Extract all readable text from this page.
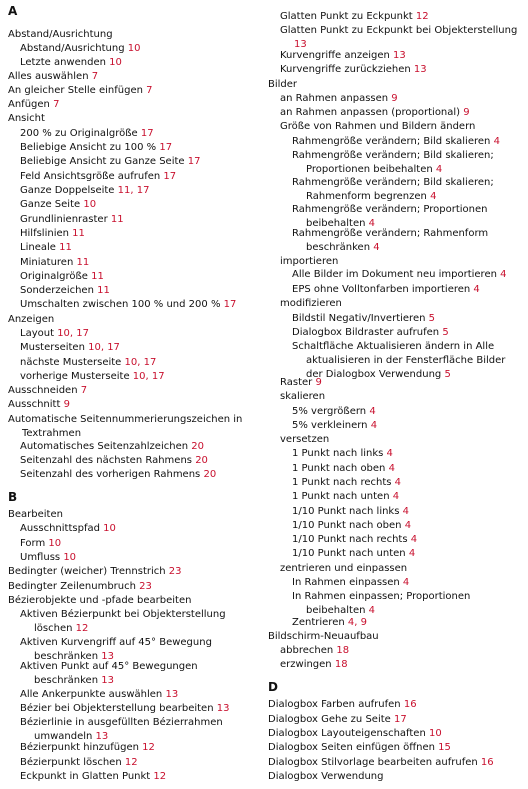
A
Abstand/Ausrichtung
Abstand/Ausrichtung 10
Letzte anwenden 10
Alles auswählen 7
An gleicher Stelle einfügen 7
Anfügen 7
Ansicht
200 % zu Originalgröße 17
Beliebige Ansicht zu 100 % 17
Beliebige Ansicht zu Ganze Seite 17
Feld Ansichtsgröße aufrufen 17
Ganze Doppelseite 11, 17
Ganze Seite 10
Grundlinienraster 11
Hilfslinien 11
Lineale 11
Miniaturen 11
Originalgröße 11
Sonderzeichen 11
Umschalten zwischen 100 % und 200 % 17
Anzeigen
Layout 10, 17
Musterseiten 10, 17
nächste Musterseite 10, 17
vorherige Musterseite 10, 17
Ausschneiden 7
Ausschnitt 9
Automatische Seitennummerierungszeichen in Textrahmen
Automatisches Seitenzahlzeichen 20
Seitenzahl des nächsten Rahmens 20
Seitenzahl des vorherigen Rahmens 20
B
Bearbeiten
Ausschnittspfad 10
Form 10
Umfluss 10
Bedingter (weicher) Trennstrich 23
Bedingter Zeilenumbruch 23
Bézierobjekte und -pfade bearbeiten
Aktiven Bézierpunkt bei Objekterstellung löschen 12
Aktiven Kurvengriff auf 45° Bewegung beschränken 13
Aktiven Punkt auf 45° Bewegungen beschränken 13
Alle Ankerpunkte auswählen 13
Bézier bei Objekterstellung bearbeiten 13
Bézierlinie in ausgefüllten Bézierrahmen umwandeln 13
Bézierpunkt hinzufügen 12
Bézierpunkt löschen 12
Eckpunkt in Glatten Punkt 12
Glatten Punkt zu Eckpunkt 12
Glatten Punkt zu Eckpunkt bei Objekterstellung 13
Kurvengriffe anzeigen 13
Kurvengriffe zurückziehen 13
Bilder
an Rahmen anpassen 9
an Rahmen anpassen (proportional) 9
Größe von Rahmen und Bildern ändern
Rahmengröße verändern; Bild skalieren 4
Rahmengröße verändern; Bild skalieren; Proportionen beibehalten 4
Rahmengröße verändern; Bild skalieren; Rahmenform begrenzen 4
Rahmengröße verändern; Proportionen beibehalten 4
Rahmengröße verändern; Rahmenform beschränken 4
importieren
Alle Bilder im Dokument neu importieren 4
EPS ohne Volltonfarben importieren 4
modifizieren
Bildstil Negativ/Invertieren 5
Dialogbox Bildraster aufrufen 5
Schaltfläche Aktualisieren ändern in Alle aktualisieren in der Fensterfläche Bilder der Dialogbox Verwendung 5
Raster 9
skalieren
5% vergrößern 4
5% verkleinern 4
versetzen
1 Punkt nach links 4
1 Punkt nach oben 4
1 Punkt nach rechts 4
1 Punkt nach unten 4
1/10 Punkt nach links 4
1/10 Punkt nach oben 4
1/10 Punkt nach rechts 4
1/10 Punkt nach unten 4
zentrieren und einpassen
In Rahmen einpassen 4
In Rahmen einpassen; Proportionen beibehalten 4
Zentrieren 4, 9
Bildschirm-Neuaufbau
abbrechen 18
erzwingen 18
D
Dialogbox Farben aufrufen 16
Dialogbox Gehe zu Seite 17
Dialogbox Layouteigenschaften 10
Dialogbox Seiten einfügen öffnen 15
Dialogbox Stilvorlage bearbeiten aufrufen 16
Dialogbox Verwendung
